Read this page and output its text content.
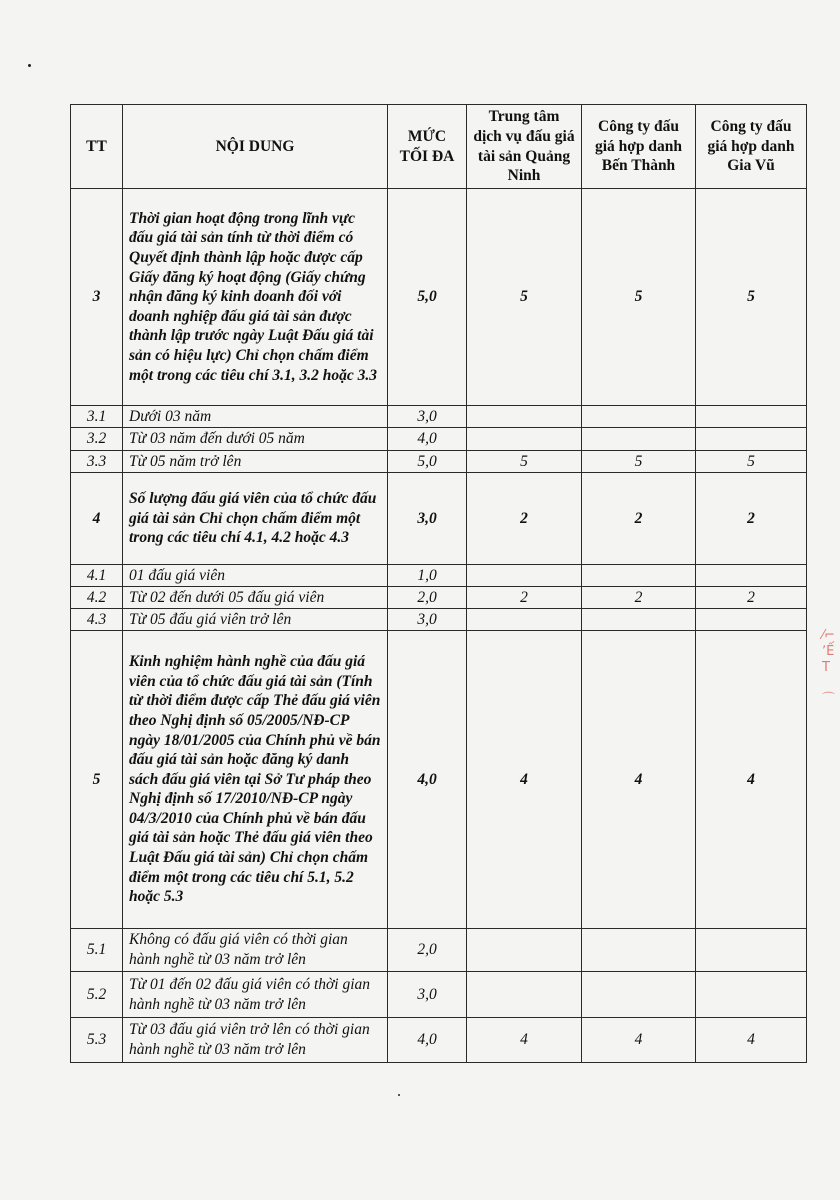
TT	NỘI DUNG	MỨC TỐI ĐA	Trung tâm dịch vụ đấu giá tài sản Quảng Ninh	Công ty đấu giá hợp danh Bến Thành	Công ty đấu giá hợp danh Gia Vũ
3	Thời gian hoạt động trong lĩnh vực đấu giá tài sản tính từ thời điểm có Quyết định thành lập hoặc được cấp Giấy đăng ký hoạt động (Giấy chứng nhận đăng ký kinh doanh đối với doanh nghiệp đấu giá tài sản được thành lập trước ngày Luật Đấu giá tài sản có hiệu lực) Chỉ chọn chấm điểm một trong các tiêu chí 3.1, 3.2 hoặc 3.3	5,0	5	5	5
3.1	Dưới 03 năm	3,0			
3.2	Từ 03 năm đến dưới 05 năm	4,0			
3.3	Từ 05 năm trở lên	5,0	5	5	5
4	Số lượng đấu giá viên của tổ chức đấu giá tài sản Chỉ chọn chấm điểm một trong các tiêu chí 4.1, 4.2 hoặc 4.3	3,0	2	2	2
4.1	01 đấu giá viên	1,0			
4.2	Từ 02 đến dưới 05 đấu giá viên	2,0	2	2	2
4.3	Từ 05 đấu giá viên trở lên	3,0			
5	Kinh nghiệm hành nghề của đấu giá viên của tổ chức đấu giá tài sản (Tính từ thời điểm được cấp Thẻ đấu giá viên theo Nghị định số 05/2005/NĐ-CP ngày 18/01/2005 của Chính phủ về bán đấu giá tài sản hoặc đăng ký danh sách đấu giá viên tại Sở Tư pháp theo Nghị định số 17/2010/NĐ-CP ngày 04/3/2010 của Chính phủ về bán đấu giá tài sản hoặc Thẻ đấu giá viên theo Luật Đấu giá tài sản) Chỉ chọn chấm điểm một trong các tiêu chí 5.1, 5.2 hoặc 5.3	4,0	4	4	4
5.1	Không có đấu giá viên có thời gian hành nghề từ 03 năm trở lên	2,0			
5.2	Từ 01 đến 02 đấu giá viên có thời gian hành nghề từ 03 năm trở lên	3,0			
5.3	Từ 03 đấu giá viên trở lên có thời gian hành nghề từ 03 năm trở lên	4,0	4	4	4
⁄⌐
ʼẾ
T

⌒
